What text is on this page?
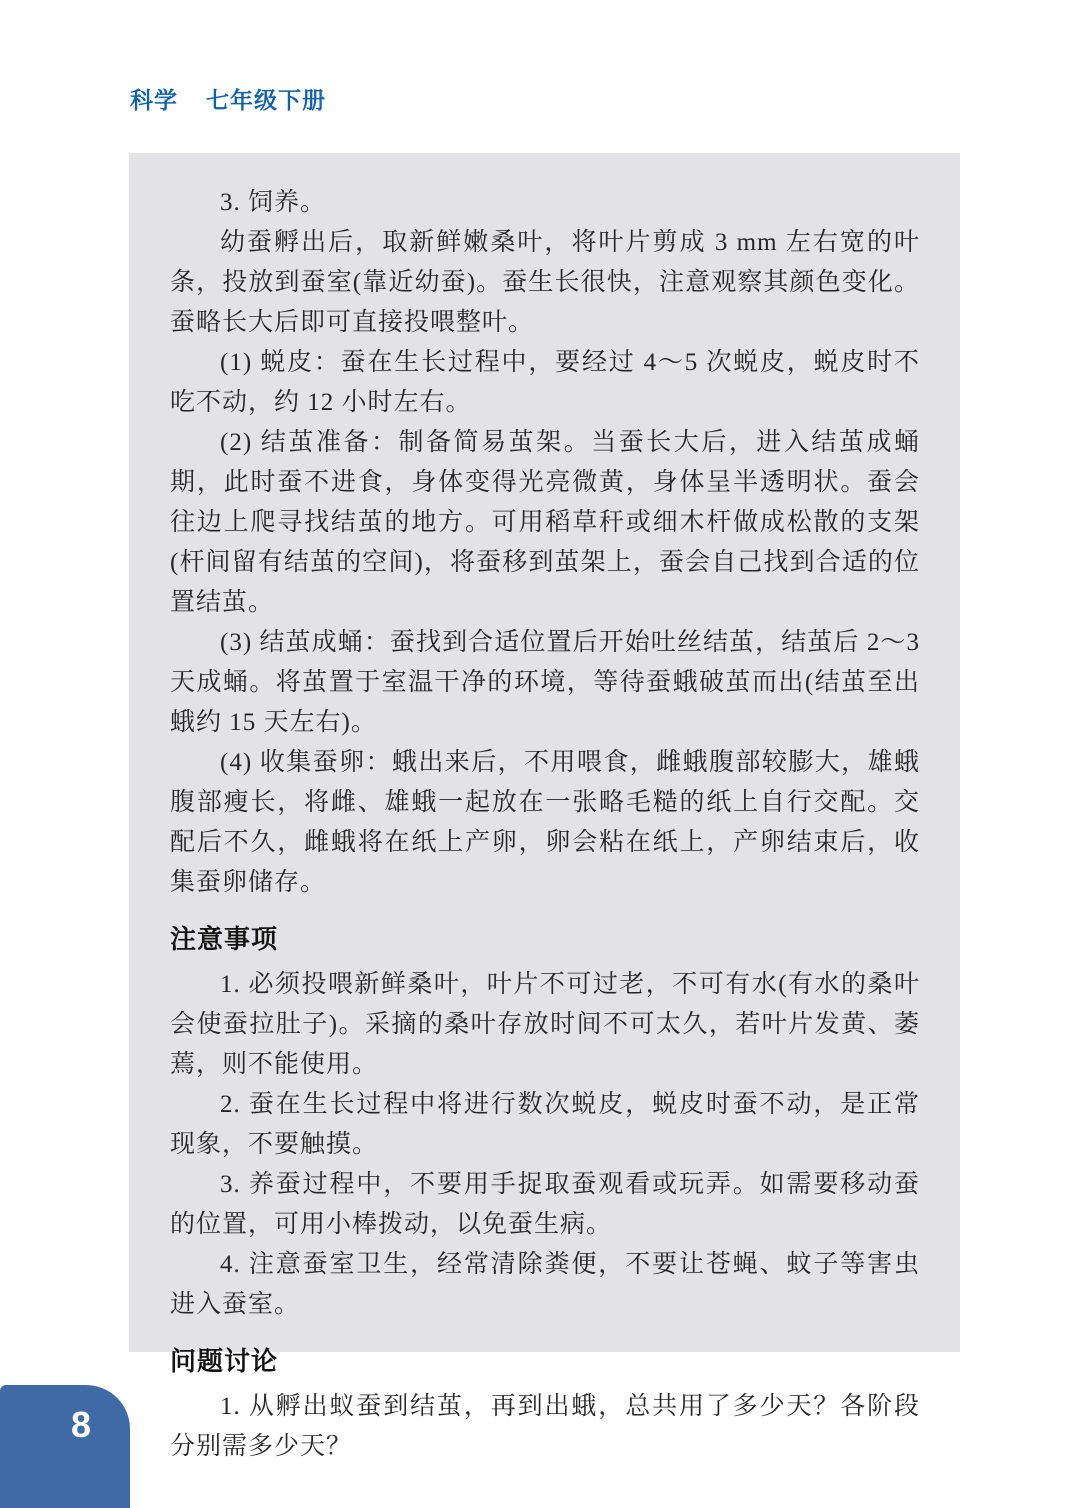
科学 七年级下册

3. 饲养。

幼蚕孵出后，取新鲜嫩桑叶，将叶片剪成 3 mm 左右宽的叶条，投放到蚕室(靠近幼蚕)。蚕生长很快，注意观察其颜色变化。蚕略长大后即可直接投喂整叶。

(1) 蜕皮：蚕在生长过程中，要经过 4～5 次蜕皮，蜕皮时不吃不动，约 12 小时左右。

(2) 结茧准备：制备简易茧架。当蚕长大后，进入结茧成蛹期，此时蚕不进食，身体变得光亮微黄，身体呈半透明状。蚕会往边上爬寻找结茧的地方。可用稻草秆或细木杆做成松散的支架(杆间留有结茧的空间)，将蚕移到茧架上，蚕会自己找到合适的位置结茧。

(3) 结茧成蛹：蚕找到合适位置后开始吐丝结茧，结茧后 2～3 天成蛹。将茧置于室温干净的环境，等待蚕蛾破茧而出(结茧至出蛾约 15 天左右)。

(4) 收集蚕卵：蛾出来后，不用喂食，雌蛾腹部较膨大，雄蛾腹部瘦长，将雌、雄蛾一起放在一张略毛糙的纸上自行交配。交配后不久，雌蛾将在纸上产卵，卵会粘在纸上，产卵结束后，收集蚕卵储存。

注意事项

1. 必须投喂新鲜桑叶，叶片不可过老，不可有水(有水的桑叶会使蚕拉肚子)。采摘的桑叶存放时间不可太久，若叶片发黄、萎蔫，则不能使用。

2. 蚕在生长过程中将进行数次蜕皮，蜕皮时蚕不动，是正常现象，不要触摸。

3. 养蚕过程中，不要用手捉取蚕观看或玩弄。如需要移动蚕的位置，可用小棒拨动，以免蚕生病。

4. 注意蚕室卫生，经常清除粪便，不要让苍蝇、蚊子等害虫进入蚕室。

问题讨论

1. 从孵出蚁蚕到结茧，再到出蛾，总共用了多少天？各阶段分别需多少天？

8
